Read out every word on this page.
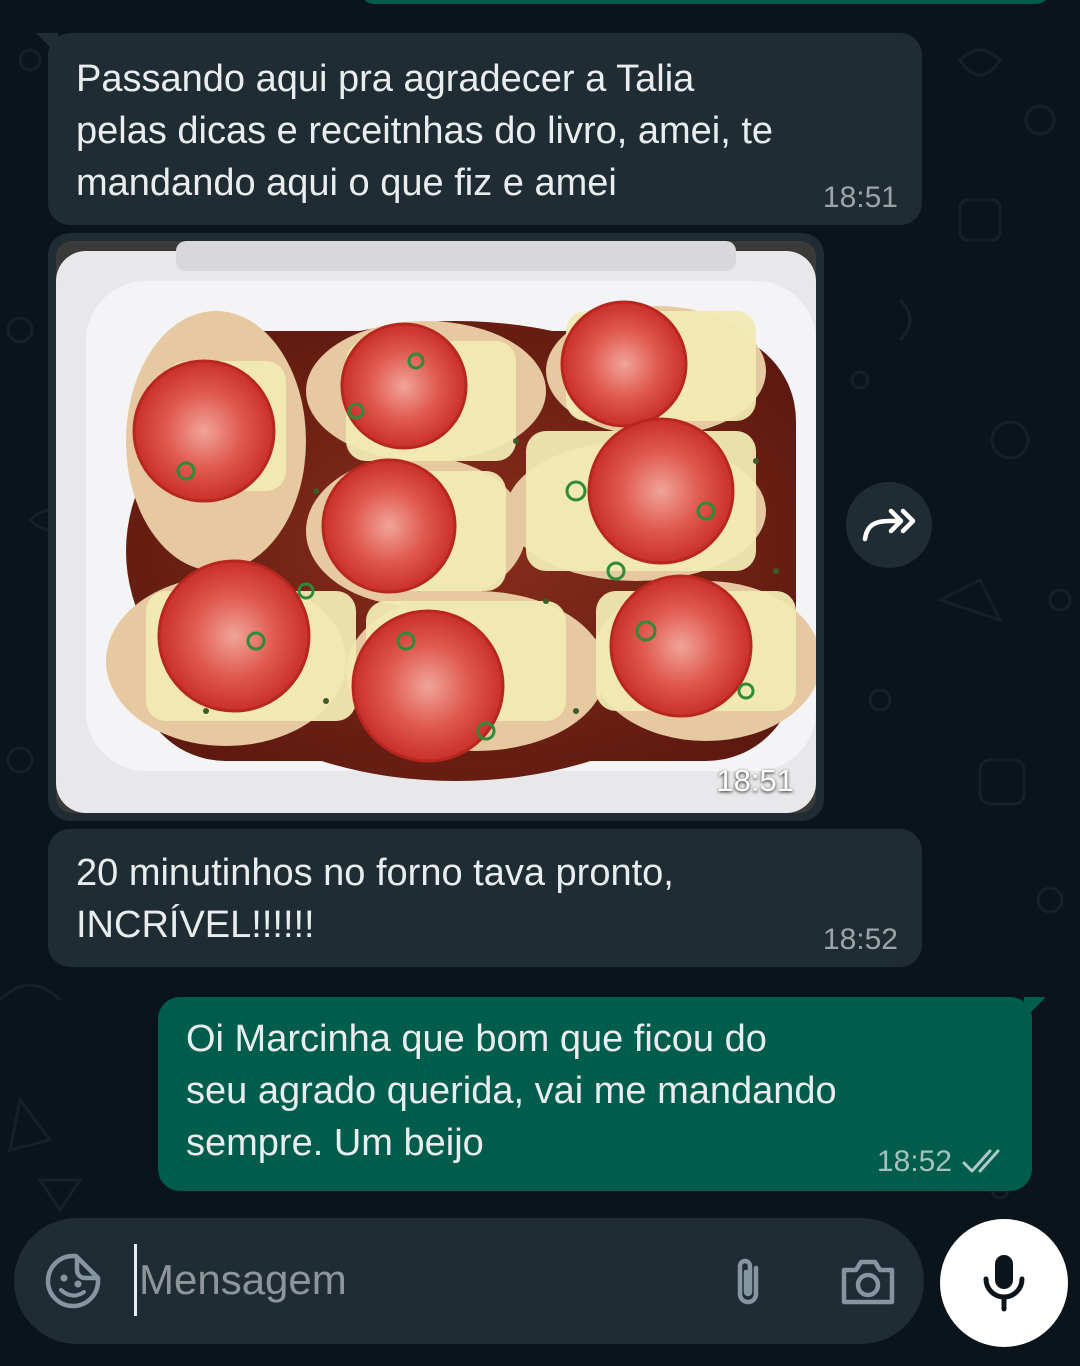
Passando aqui pra agradecer a Talia
pelas dicas e receitnhas do livro, amei, te
mandando aqui o que fiz e amei	18:51
18:51
20 minutinhos no forno tava pronto,
INCRÍVEL!!!!!!	18:52
Oi Marcinha que bom que ficou do
seu agrado querida, vai me mandando
sempre. Um beijo	18:52
Mensagem
